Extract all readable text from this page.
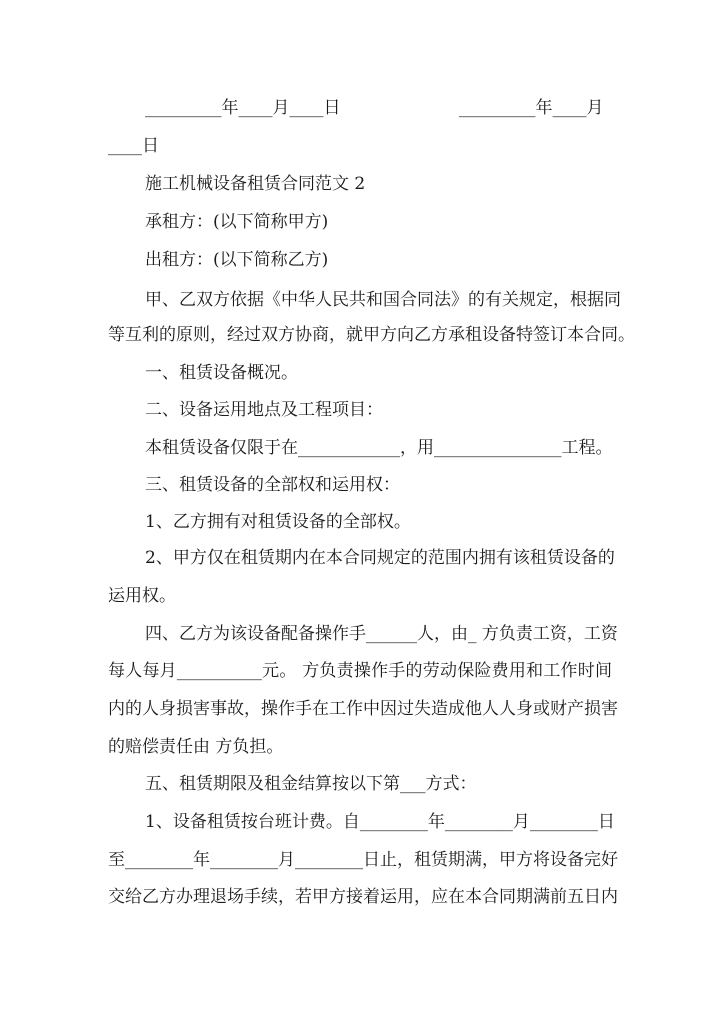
_________年____月____日	_________年____月
____日
施工机械设备租赁合同范文 2
承租方：(以下简称甲方)
出租方：(以下简称乙方)
甲、乙双方依据《中华人民共和国合同法》的有关规定，根据同
等互利的原则，经过双方协商，就甲方向乙方承租设备特签订本合同。
一、租赁设备概况。
二、设备运用地点及工程项目：
本租赁设备仅限于在____________，用_______________工程。
三、租赁设备的全部权和运用权：
1、乙方拥有对租赁设备的全部权。
2、甲方仅在租赁期内在本合同规定的范围内拥有该租赁设备的
运用权。
四、乙方为该设备配备操作手______人，由_ 方负责工资，工资
每人每月__________元。 方负责操作手的劳动保险费用和工作时间
内的人身损害事故，操作手在工作中因过失造成他人人身或财产损害
的赔偿责任由 方负担。
五、租赁期限及租金结算按以下第___方式：
1、设备租赁按台班计费。自________年________月________日
至________年________月________日止，租赁期满，甲方将设备完好
交给乙方办理退场手续，若甲方接着运用，应在本合同期满前五日内
